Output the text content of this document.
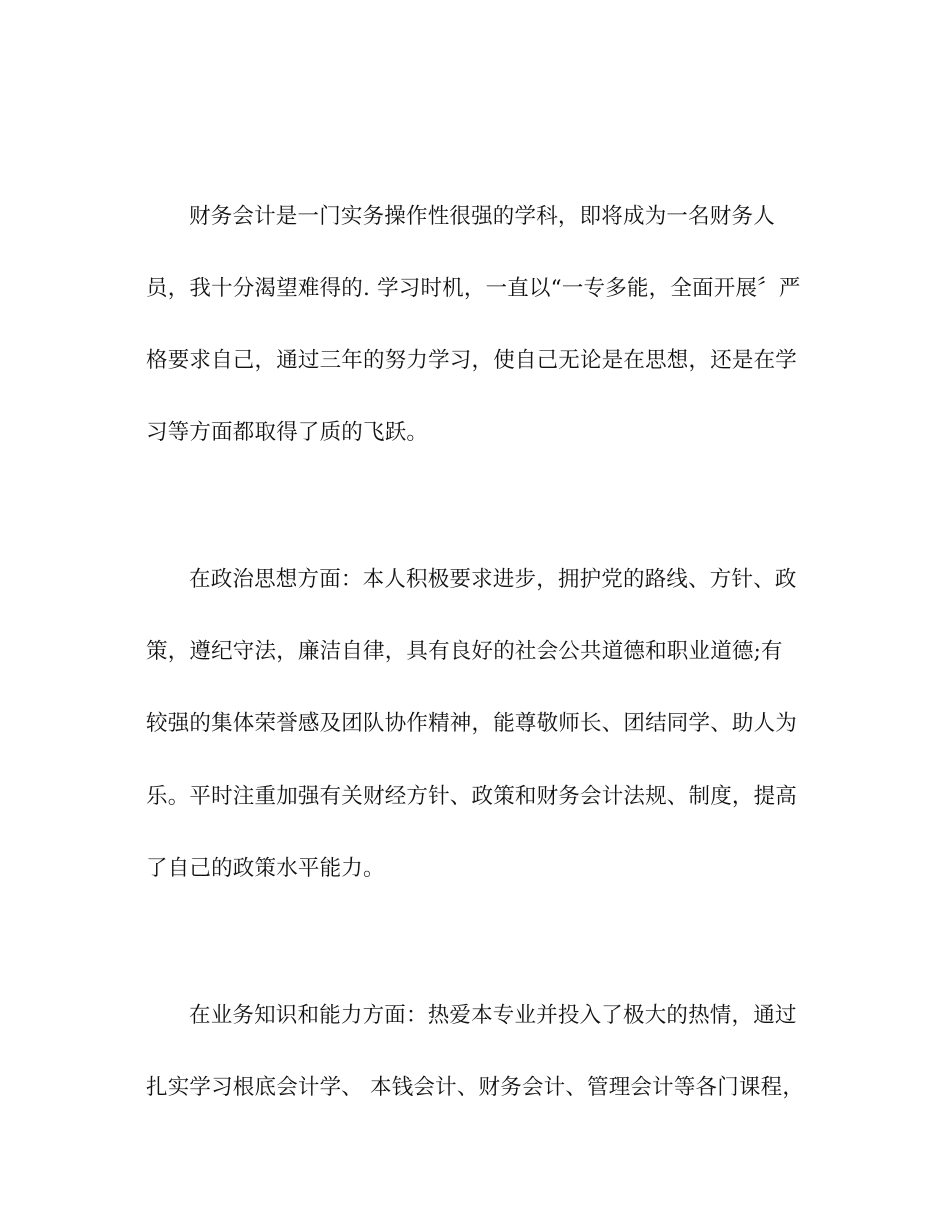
财务会计是一门实务操作性很强的学科，即将成为一名财务人
员，我十分渴望难得的. 学习时机，一直以“一专多能，全面开展〞严
格要求自己，通过三年的努力学习，使自己无论是在思想，还是在学
习等方面都取得了质的飞跃。
在政治思想方面：本人积极要求进步，拥护党的路线、方针、政
策，遵纪守法，廉洁自律，具有良好的社会公共道德和职业道德;有
较强的集体荣誉感及团队协作精神，能尊敬师长、团结同学、助人为
乐。平时注重加强有关财经方针、政策和财务会计法规、制度，提高
了自己的政策水平能力。
在业务知识和能力方面：热爱本专业并投入了极大的热情，通过
扎实学习根底会计学、 本钱会计、财务会计、管理会计等各门课程，
